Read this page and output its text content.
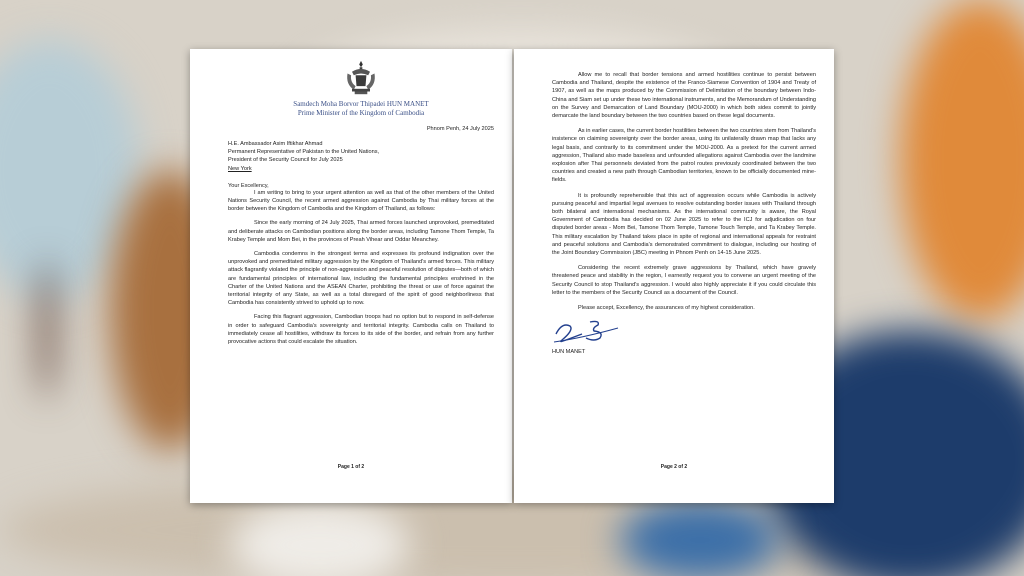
Samdech Moha Borvor Thipadei HUN MANET
Prime Minister of the Kingdom of Cambodia
Phnom Penh, 24 July 2025
H.E. Ambassador Asim Iftikhar Ahmad
Permanent Representative of Pakistan to the United Nations,
President of the Security Council for July 2025
New York
Your Excellency,

I am writing to bring to your urgent attention as well as that of the other members of the United Nations Security Council, the recent armed aggression against Cambodia by Thai military forces at the border between the Kingdom of Cambodia and the Kingdom of Thailand, as follows:

Since the early morning of 24 July 2025, Thai armed forces launched unprovoked, premeditated and deliberate attacks on Cambodian positions along the border areas, including Tamone Thom Temple, Ta Krabey Temple and Mom Bei, in the provinces of Preah Vihear and Oddar Meanchey.

Cambodia condemns in the strongest terms and expresses its profound indignation over the unprovoked and premeditated military aggression by the Kingdom of Thailand's armed forces. This military attack flagrantly violated the principle of non-aggression and peaceful resolution of disputes—both of which are fundamental principles of international law, including the fundamental principles enshrined in the Charter of the United Nations and the ASEAN Charter, prohibiting the threat or use of force against the territorial integrity of any State, as well as a total disregard of the spirit of good neighborliness that Cambodia has consistently strived to uphold up to now.

Facing this flagrant aggression, Cambodian troops had no option but to respond in self-defense in order to safeguard Cambodia's sovereignty and territorial integrity. Cambodia calls on Thailand to immediately cease all hostilities, withdraw its forces to its side of the border, and refrain from any further provocative actions that could escalate the situation.

Page 1 of 2

Allow me to recall that border tensions and armed hostilities continue to persist between Cambodia and Thailand, despite the existence of the Franco-Siamese Convention of 1904 and Treaty of 1907, as well as the maps produced by the Commission of Delimitation of the boundary between Indo-China and Siam set up under these two international instruments, and the Memorandum of Understanding on the Survey and Demarcation of Land Boundary (MOU-2000) in which both sides commit to jointly demarcate the land boundary between the two countries based on these legal documents.

As in earlier cases, the current border hostilities between the two countries stem from Thailand's insistence on claiming sovereignty over the border areas, using its unilaterally drawn map that lacks any legal basis, and contrarily to its commitment under the MOU-2000. As a pretext for the current armed aggression, Thailand also made baseless and unfounded allegations against Cambodia over the landmine explosion after Thai personnels deviated from the patrol routes previously coordinated between the two countries and created a new path through Cambodian territories, known to be officially documented mine-fields.

It is profoundly reprehensible that this act of aggression occurs while Cambodia is actively pursuing peaceful and impartial legal avenues to resolve outstanding border issues with Thailand through both bilateral and international mechanisms. As the international community is aware, the Royal Government of Cambodia has decided on 02 June 2025 to refer to the ICJ for adjudication on four disputed border areas - Mom Bei, Tamone Thom Temple, Tamone Touch Temple, and Ta Krabey Temple. This military escalation by Thailand takes place in spite of regional and international appeals for restraint and peaceful solutions and Cambodia's demonstrated commitment to dialogue, including our hosting of the Joint Boundary Commission (JBC) meeting in Phnom Penh on 14-15 June 2025.

Considering the recent extremely grave aggressions by Thailand, which have gravely threatened peace and stability in the region, I earnestly request you to convene an urgent meeting of the Security Council to stop Thailand's aggression. I would also highly appreciate it if you could circulate this letter to the members of the Security Council as a document of the Council.

Please accept, Excellency, the assurances of my highest consideration.

HUN MANET
Page 2 of 2
